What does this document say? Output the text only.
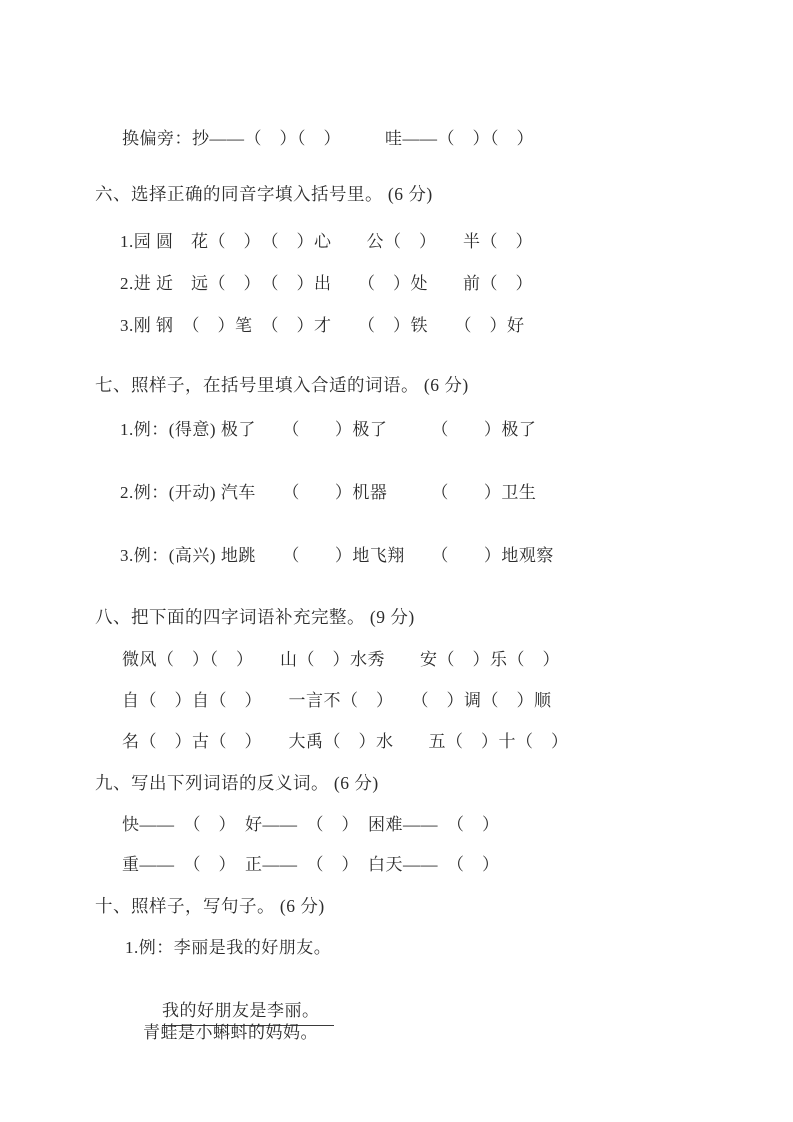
换偏旁：抄——（　）（　）　　　哇——（　）（　）
六、选择正确的同音字填入括号里。 (6 分)
1.园 圆　花（　）　（　）心　　公（　）　　半（　）
2.进 近　远（　）　（　）出　　（　）处　　前（　）
3.刚 钢　（　）笔　（　）才　　（　）铁　　（　）好
七、照样子，在括号里填入合适的词语。 (6 分)
1.例：(得意) 极了　　（　　）极了　　　（　　）极了
2.例：(开动) 汽车　　（　　）机器　　　（　　）卫生
3.例：(高兴) 地跳　　（　　）地飞翔　　（　　）地观察
八、把下面的四字词语补充完整。 (9 分)
微风（　）（　）　　山（　）水秀　　安（　）乐（　）
自（　）自（　）　　一言不（　）　　（　）调（　）顺
名（　）古（　）　　大禹（　）水　　五（　）十（　）
九、写出下列词语的反义词。 (6 分)
快——　（　）　好——　（　）　困难——　（　）
重——　（　）　正——　（　）　白天——　（　）
十、照样子，写句子。 (6 分)
1.例：李丽是我的好朋友。

我的好朋友是李丽。

青蛙是小蝌蚪的妈妈。
